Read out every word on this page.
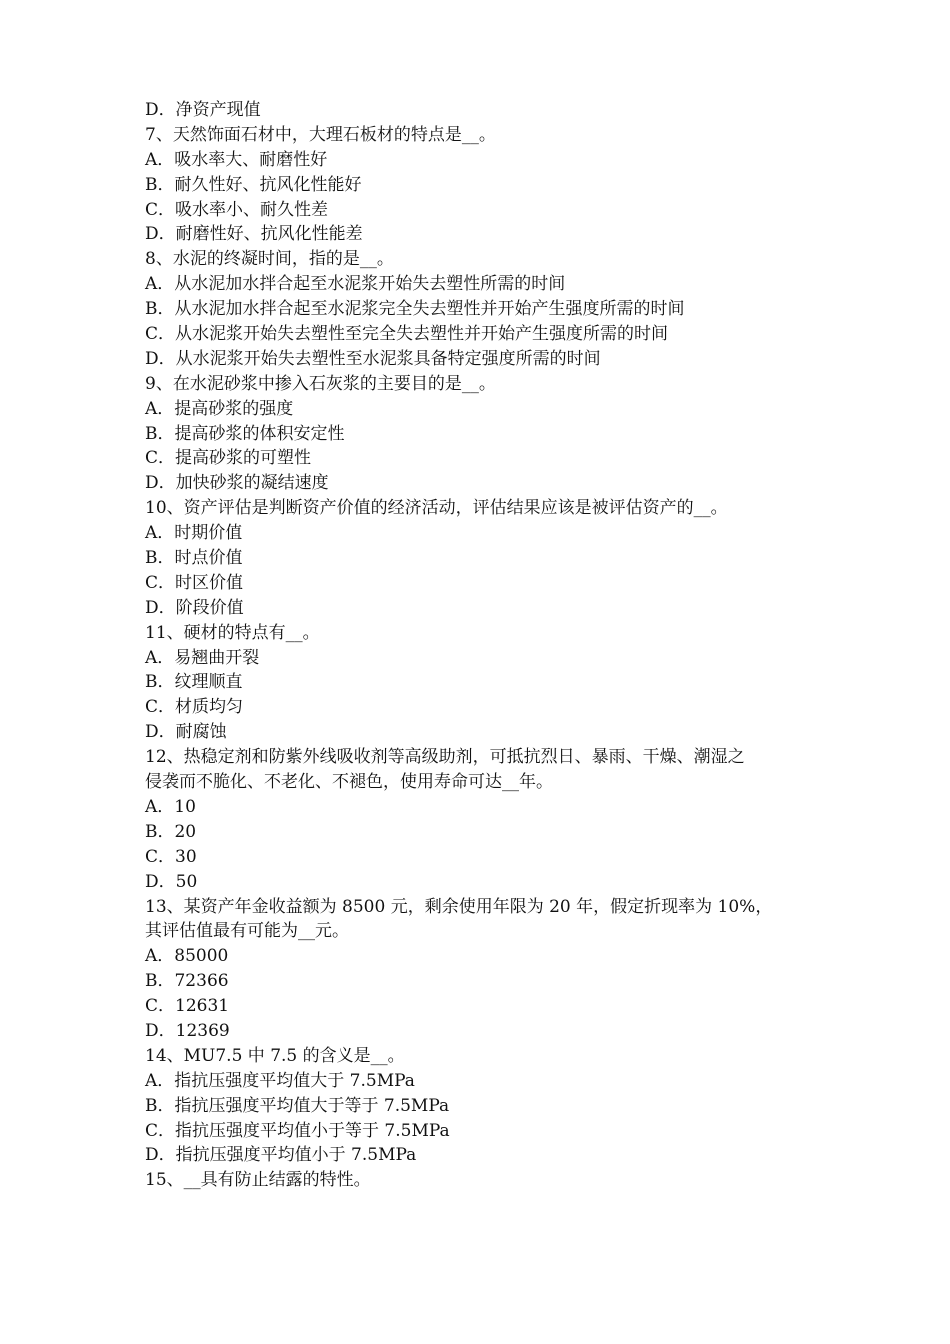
D．净资产现值
7、天然饰面石材中，大理石板材的特点是__。
A．吸水率大、耐磨性好
B．耐久性好、抗风化性能好
C．吸水率小、耐久性差
D．耐磨性好、抗风化性能差
8、水泥的终凝时间，指的是__。
A．从水泥加水拌合起至水泥浆开始失去塑性所需的时间
B．从水泥加水拌合起至水泥浆完全失去塑性并开始产生强度所需的时间
C．从水泥浆开始失去塑性至完全失去塑性并开始产生强度所需的时间
D．从水泥浆开始失去塑性至水泥浆具备特定强度所需的时间
9、在水泥砂浆中掺入石灰浆的主要目的是__。
A．提高砂浆的强度
B．提高砂浆的体积安定性
C．提高砂浆的可塑性
D．加快砂浆的凝结速度
10、资产评估是判断资产价值的经济活动，评估结果应该是被评估资产的__。
A．时期价值
B．时点价值
C．时区价值
D．阶段价值
11、硬材的特点有__。
A．易翘曲开裂
B．纹理顺直
C．材质均匀
D．耐腐蚀
12、热稳定剂和防紫外线吸收剂等高级助剂，可抵抗烈日、暴雨、干燥、潮湿之
侵袭而不脆化、不老化、不褪色，使用寿命可达__年。
A．10
B．20
C．30
D．50
13、某资产年金收益额为 8500 元，剩余使用年限为 20 年，假定折现率为 10%，
其评估值最有可能为__元。
A．85000
B．72366
C．12631
D．12369
14、MU7.5 中 7.5 的含义是__。
A．指抗压强度平均值大于 7.5MPa
B．指抗压强度平均值大于等于 7.5MPa
C．指抗压强度平均值小于等于 7.5MPa
D．指抗压强度平均值小于 7.5MPa
15、__具有防止结露的特性。
